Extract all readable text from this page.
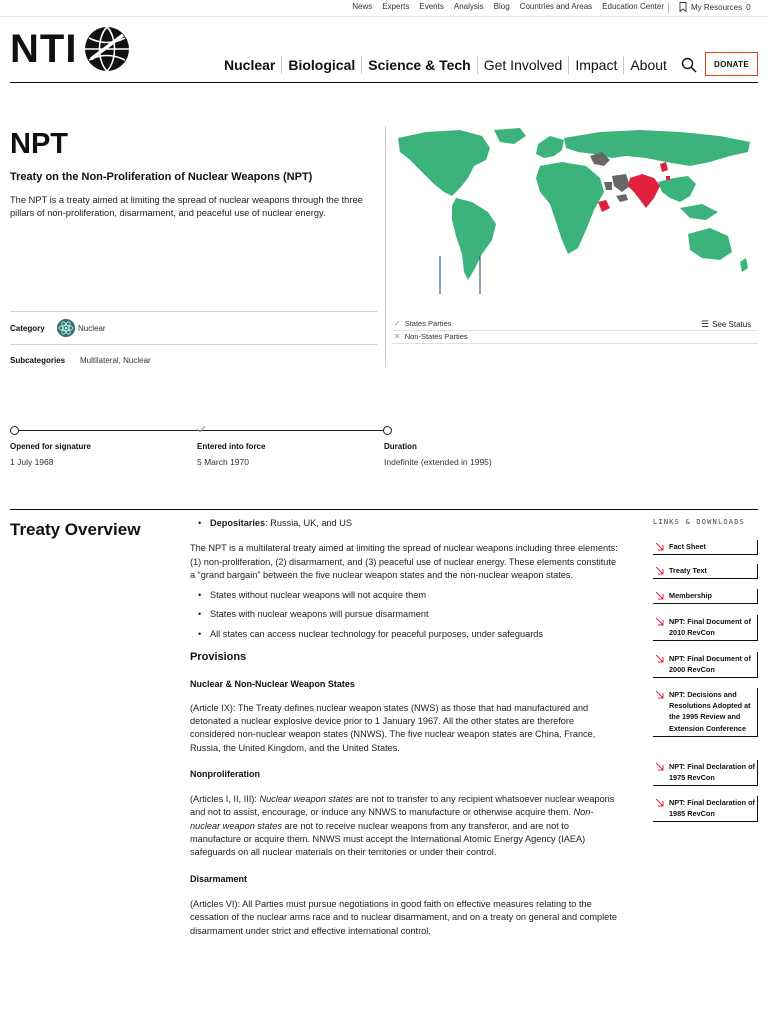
News Experts Events Analysis Blog Countries and Areas Education Center	My Resources 0
NTI	Nuclear Biological Science & Tech Get Involved Impact About	DONATE
NPT
Treaty on the Non-Proliferation of Nuclear Weapons (NPT)

The NPT is a treaty aimed at limiting the spread of nuclear weapons through the three pillars of non-proliferation, disarmament, and peaceful use of nuclear energy.

Category	Nuclear
Subcategories Multilateral, Nuclear
✓ States Parties
✕ Non-States Parties
☰ See Status
Opened for signature
1 July 1968
Entered into force
5 March 1970
Duration
Indefinite (extended in 1995)
Treaty Overview
•	Depositaries: Russia, UK, and US

The NPT is a multilateral treaty aimed at limiting the spread of nuclear weapons including three elements: (1) non-proliferation, (2) disarmament, and (3) peaceful use of nuclear energy. These elements constitute a “grand bargain” between the five nuclear weapon states and the non-nuclear weapon states.

• States without nuclear weapons will not acquire them
• States with nuclear weapons will pursue disarmament
• All states can access nuclear technology for peaceful purposes, under safeguards
Provisions
Nuclear & Non-Nuclear Weapon States

(Article IX): The Treaty defines nuclear weapon states (NWS) as those that had manufactured and detonated a nuclear explosive device prior to 1 January 1967. All the other states are therefore considered non-nuclear weapon states (NNWS). The five nuclear weapon states are China, France, Russia, the United Kingdom, and the United States.

Nonproliferation

(Articles I, II, III): Nuclear weapon states are not to transfer to any recipient whatsoever nuclear weapons and not to assist, encourage, or induce any NNWS to manufacture or otherwise acquire them. Non-nuclear weapon states are not to receive nuclear weapons from any transferor, and are not to manufacture or acquire them. NNWS must accept the International Atomic Energy Agency (IAEA) safeguards on all nuclear materials on their territories or under their control.

Disarmament

(Articles VI): All Parties must pursue negotiations in good faith on effective measures relating to the cessation of the nuclear arms race and to nuclear disarmament, and on a treaty on general and complete disarmament under strict and effective international control.

LINKS & DOWNLOADS
Fact Sheet
Treaty Text
Membership
NPT: Final Document of 2010 RevCon
NPT: Final Document of 2000 RevCon
NPT: Decisions and Resolutions Adopted at the 1995 Review and Extension Conference
NPT: Final Declaration of 1975 RevCon
NPT: Final Declaration of 1985 RevCon
